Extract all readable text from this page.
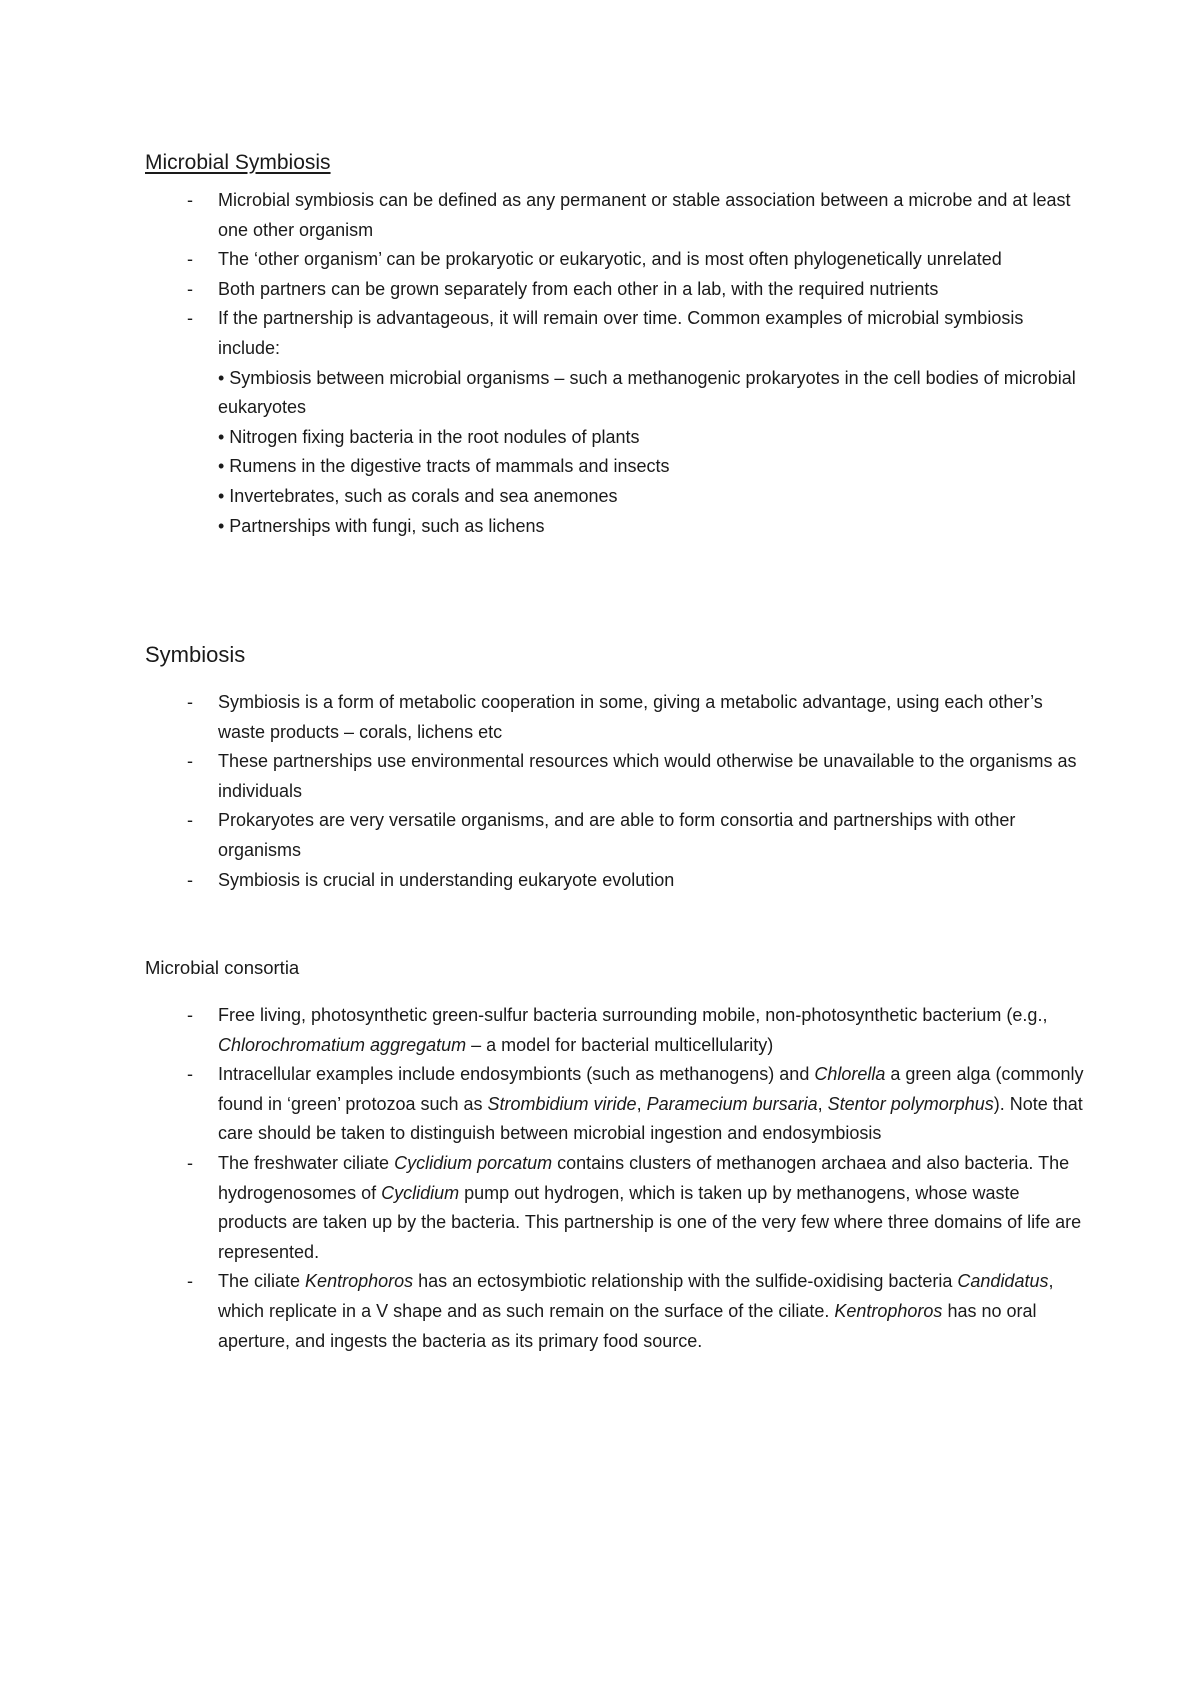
Microbial Symbiosis
- Microbial symbiosis can be defined as any permanent or stable association between a microbe and at least one other organism
- The ‘other organism’ can be prokaryotic or eukaryotic, and is most often phylogenetically unrelated
- Both partners can be grown separately from each other in a lab, with the required nutrients
- If the partnership is advantageous, it will remain over time. Common examples of microbial symbiosis include:
• Symbiosis between microbial organisms – such a methanogenic prokaryotes in the cell bodies of microbial eukaryotes
• Nitrogen fixing bacteria in the root nodules of plants
• Rumens in the digestive tracts of mammals and insects
• Invertebrates, such as corals and sea anemones
• Partnerships with fungi, such as lichens
Symbiosis
- Symbiosis is a form of metabolic cooperation in some, giving a metabolic advantage, using each other’s waste products – corals, lichens etc
- These partnerships use environmental resources which would otherwise be unavailable to the organisms as individuals
- Prokaryotes are very versatile organisms, and are able to form consortia and partnerships with other organisms
- Symbiosis is crucial in understanding eukaryote evolution
Microbial consortia
- Free living, photosynthetic green-sulfur bacteria surrounding mobile, non-photosynthetic bacterium (e.g., Chlorochromatium aggregatum – a model for bacterial multicellularity)
- Intracellular examples include endosymbionts (such as methanogens) and Chlorella a green alga (commonly found in ‘green’ protozoa such as Strombidium viride, Paramecium bursaria, Stentor polymorphus). Note that care should be taken to distinguish between microbial ingestion and endosymbiosis
- The freshwater ciliate Cyclidium porcatum contains clusters of methanogen archaea and also bacteria. The hydrogenosomes of Cyclidium pump out hydrogen, which is taken up by methanogens, whose waste products are taken up by the bacteria. This partnership is one of the very few where three domains of life are represented.
- The ciliate Kentrophoros has an ectosymbiotic relationship with the sulfide-oxidising bacteria Candidatus, which replicate in a V shape and as such remain on the surface of the ciliate. Kentrophoros has no oral aperture, and ingests the bacteria as its primary food source.
